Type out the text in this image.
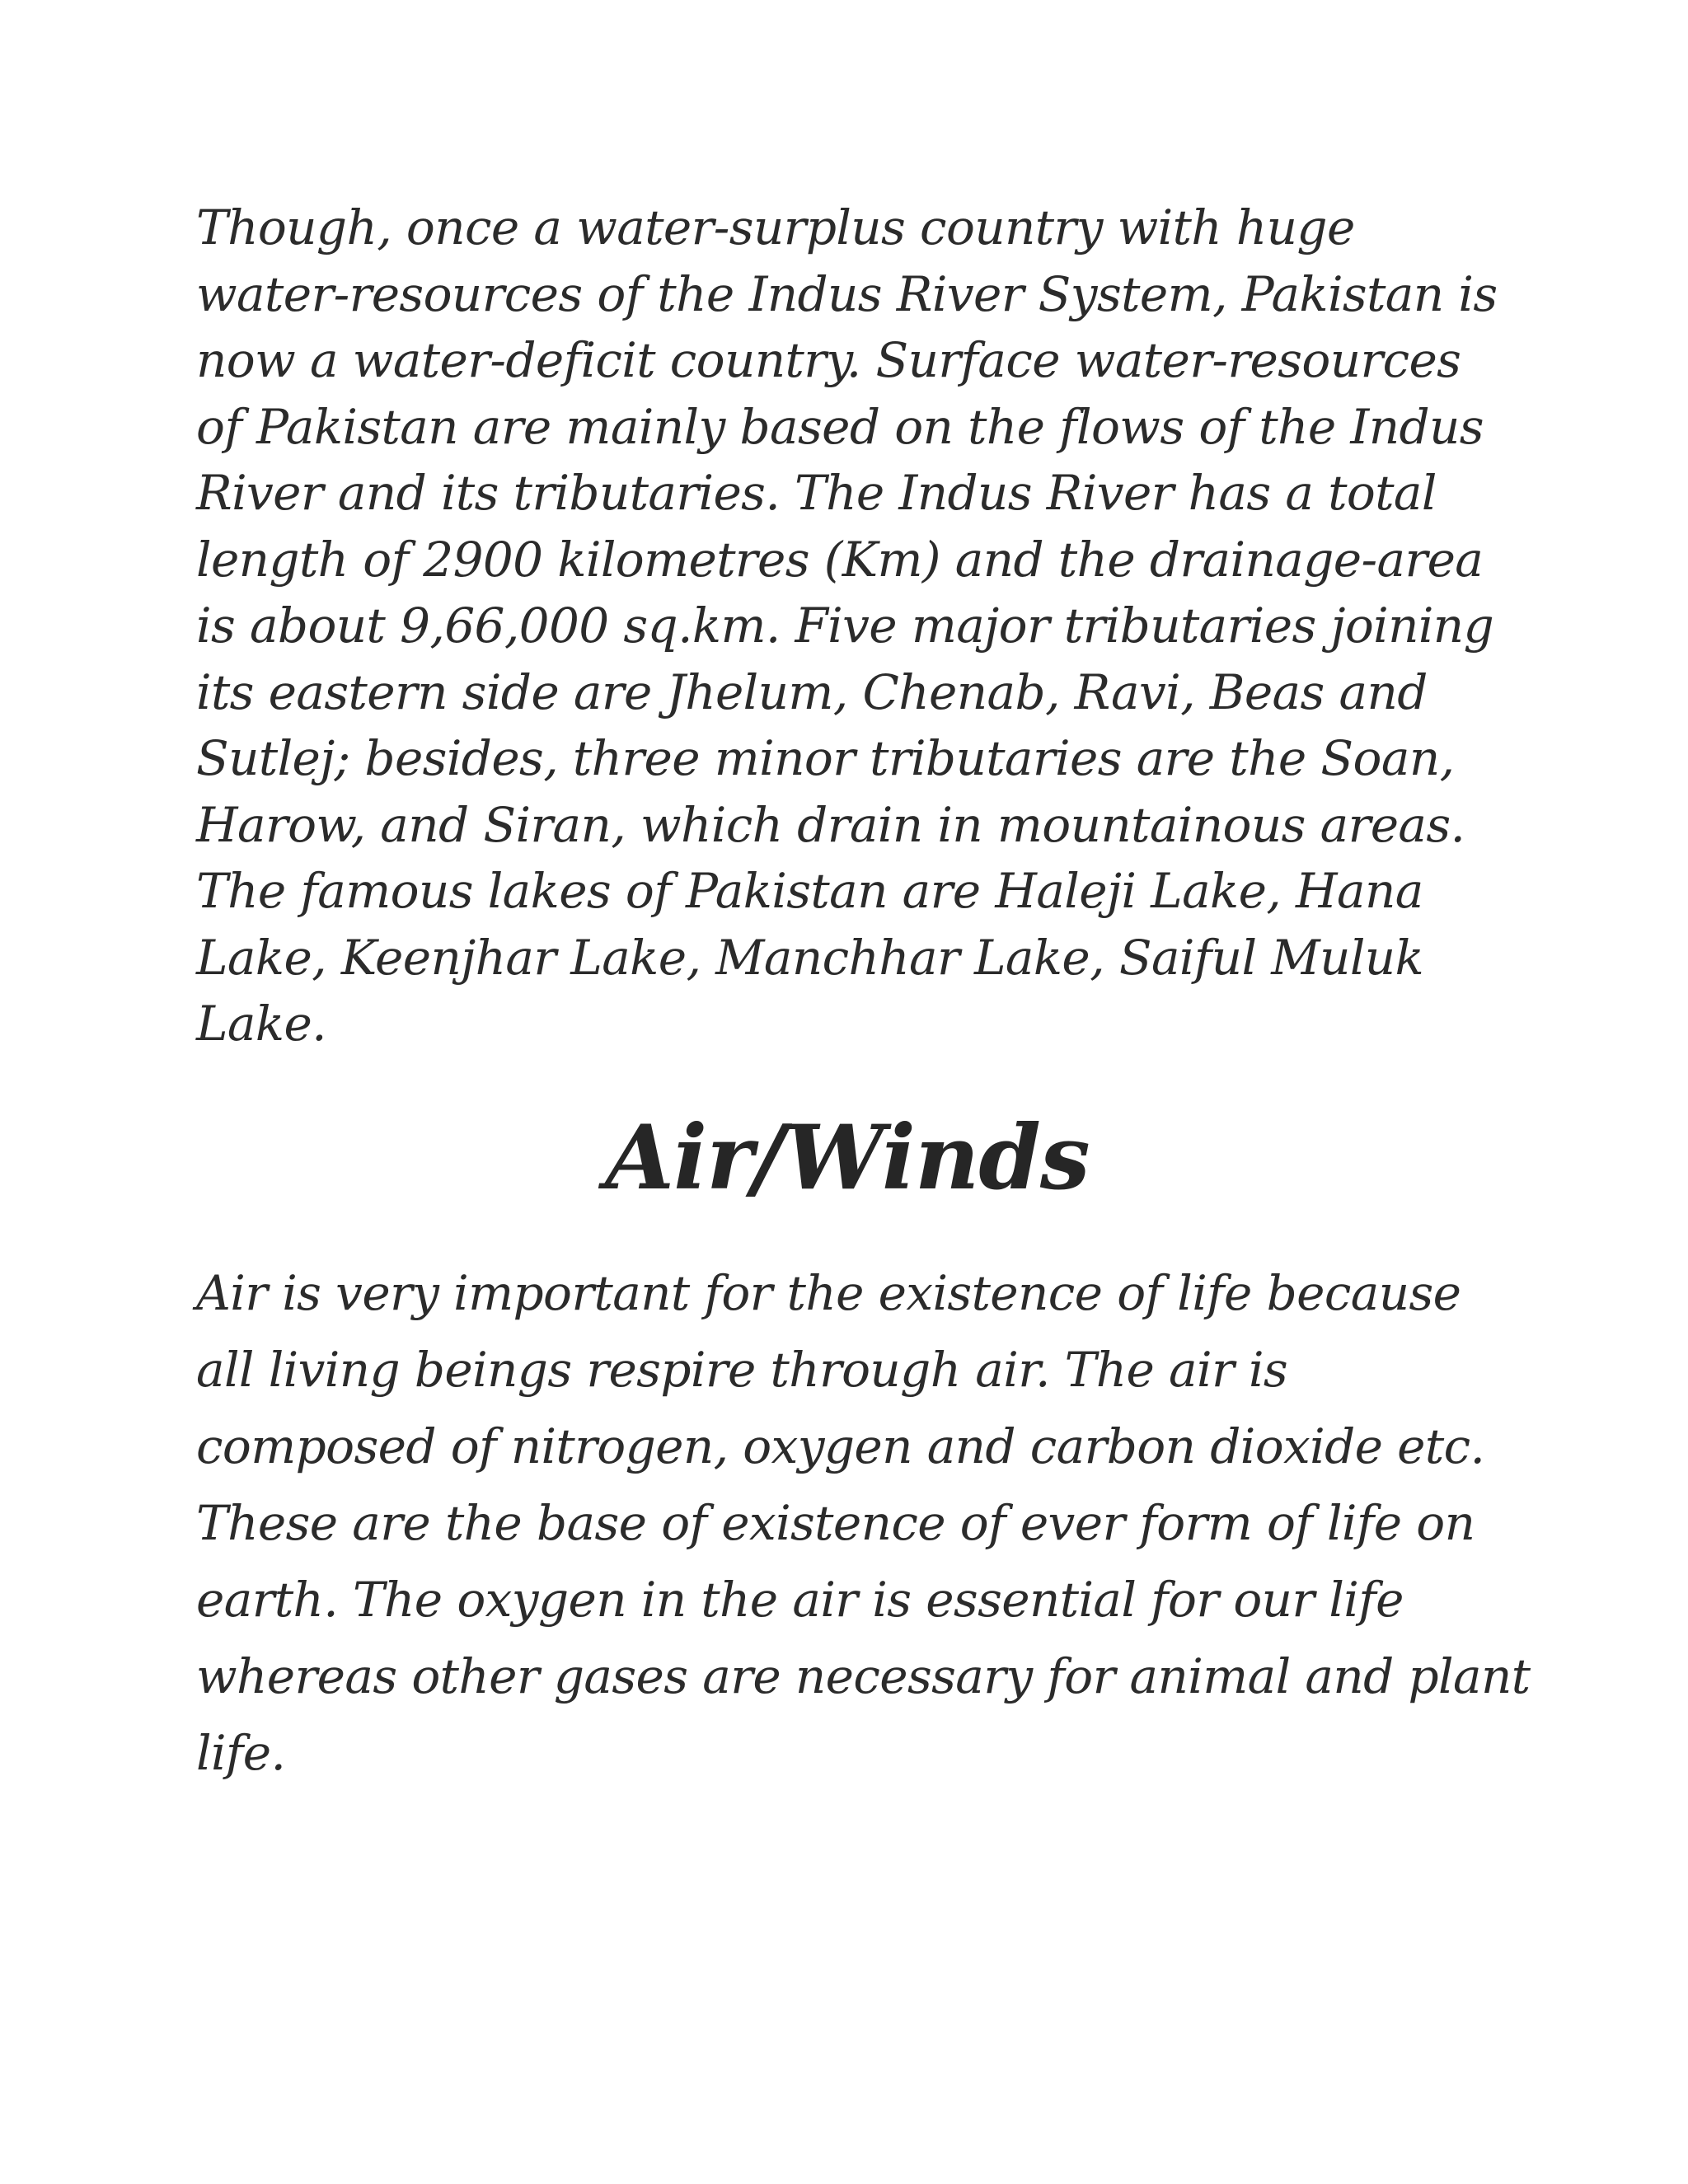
Though, once a water-surplus country with huge
water-resources of the Indus River System, Pakistan is
now a water-deficit country. Surface water-resources
of Pakistan are mainly based on the flows of the Indus
River and its tributaries. The Indus River has a total
length of 2900 kilometres (Km) and the drainage-area
is about 9,66,000 sq.km. Five major tributaries joining
its eastern side are Jhelum, Chenab, Ravi, Beas and
Sutlej; besides, three minor tributaries are the Soan,
Harow, and Siran, which drain in mountainous areas.
The famous lakes of Pakistan are Haleji Lake, Hana
Lake, Keenjhar Lake, Manchhar Lake, Saiful Muluk
Lake.

Air/Winds

Air is very important for the existence of life because
all living beings respire through air. The air is
composed of nitrogen, oxygen and carbon dioxide etc.
These are the base of existence of ever form of life on
earth. The oxygen in the air is essential for our life
whereas other gases are necessary for animal and plant
life.
